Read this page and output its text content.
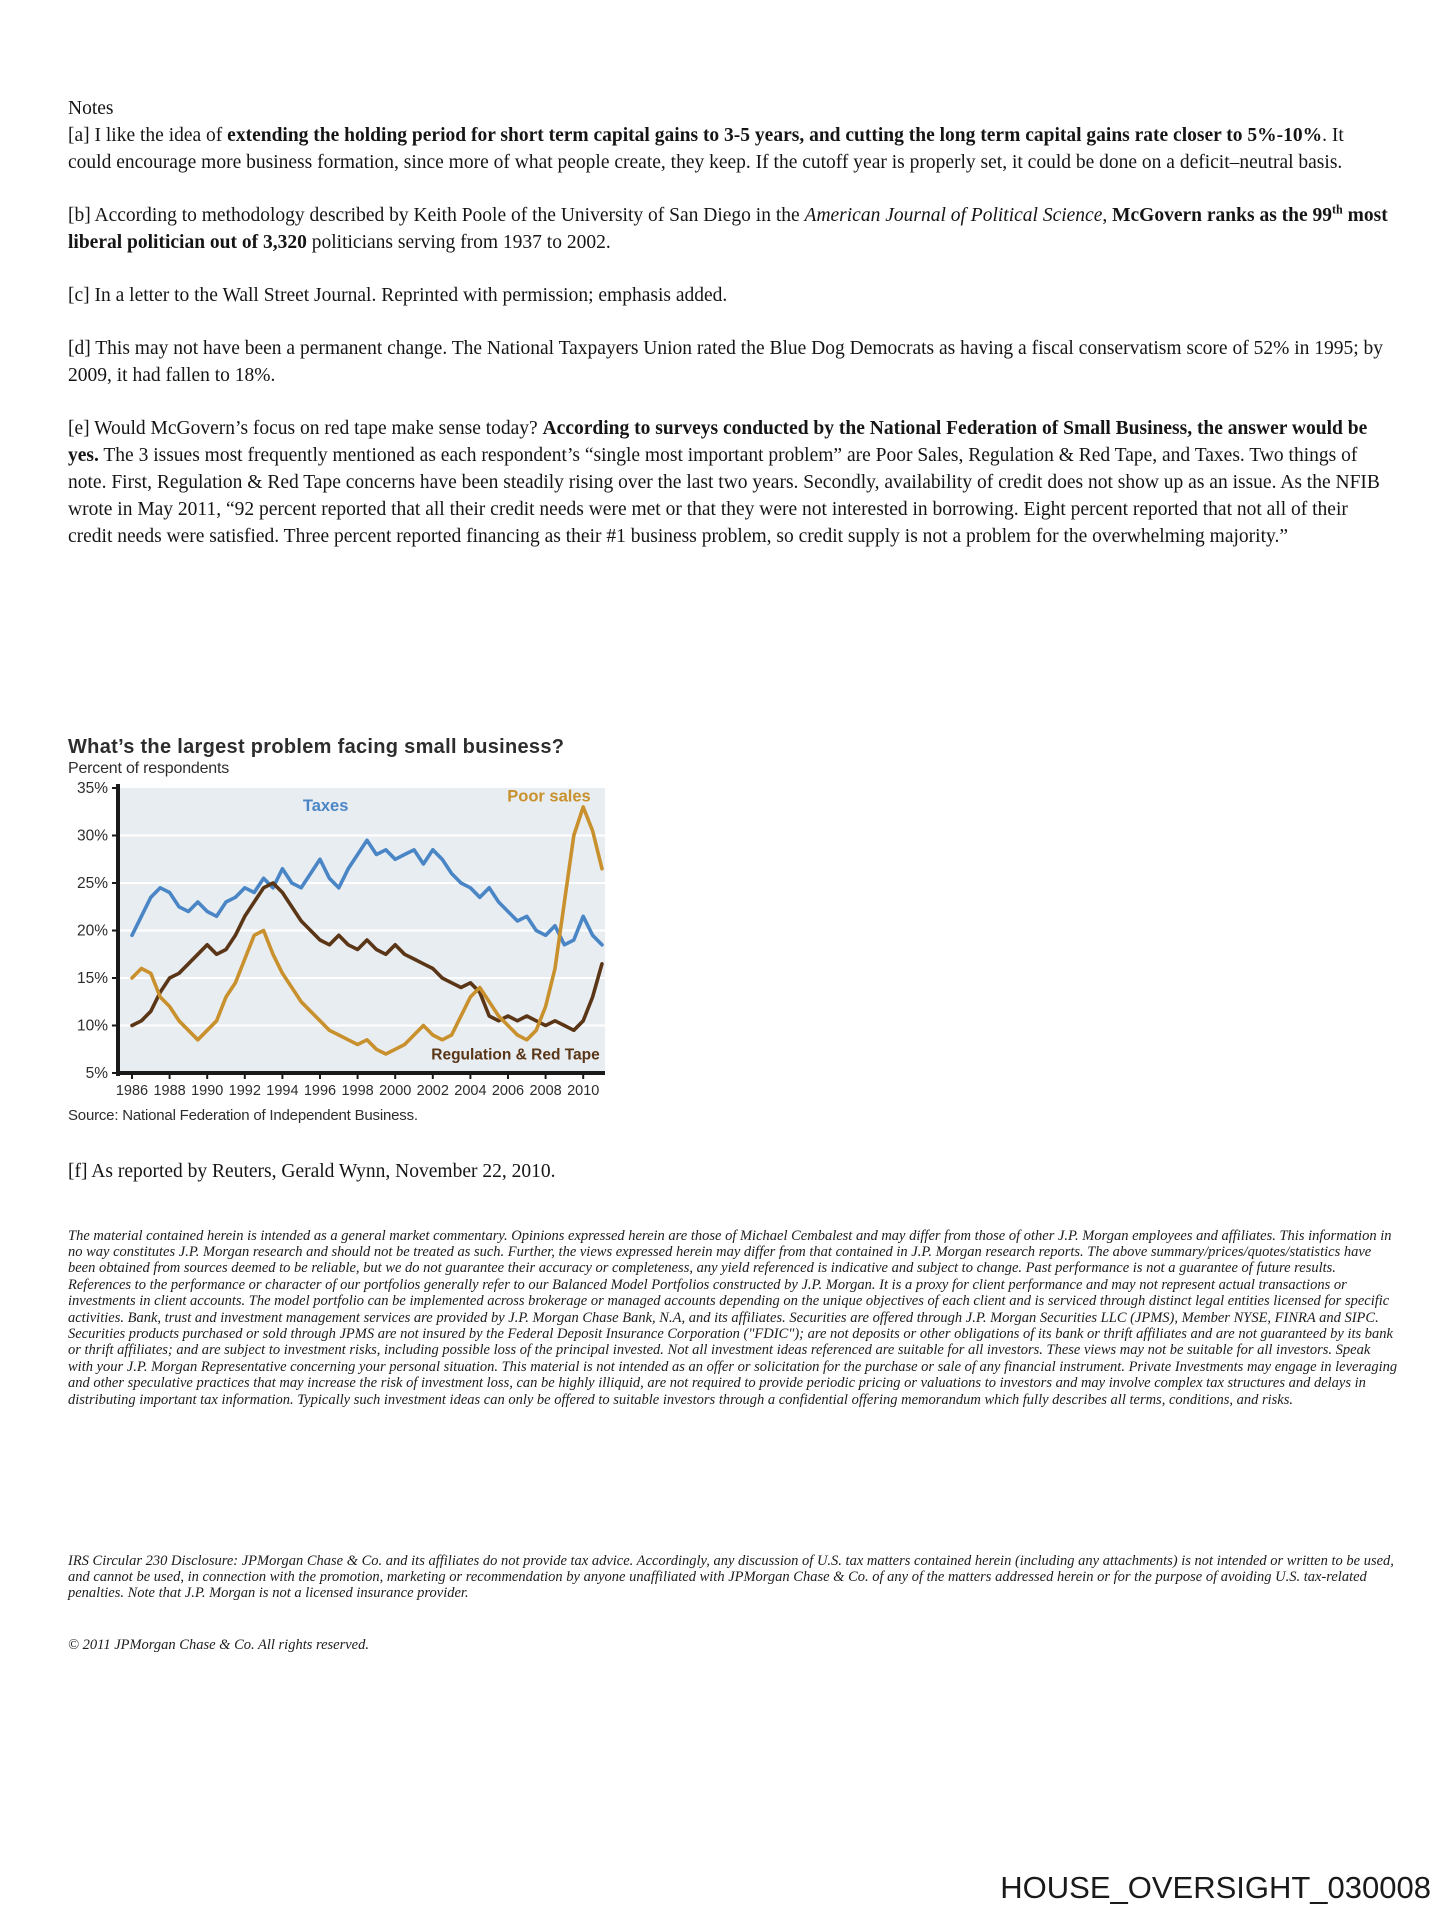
Notes

[a] I like the idea of extending the holding period for short term capital gains to 3-5 years, and cutting the long term capital gains rate closer to 5%-10%. It could encourage more business formation, since more of what people create, they keep. If the cutoff year is properly set, it could be done on a deficit–neutral basis.

[b] According to methodology described by Keith Poole of the University of San Diego in the American Journal of Political Science, McGovern ranks as the 99th most liberal politician out of 3,320 politicians serving from 1937 to 2002.

[c] In a letter to the Wall Street Journal. Reprinted with permission; emphasis added.

[d] This may not have been a permanent change. The National Taxpayers Union rated the Blue Dog Democrats as having a fiscal conservatism score of 52% in 1995; by 2009, it had fallen to 18%.

[e] Would McGovern’s focus on red tape make sense today? According to surveys conducted by the National Federation of Small Business, the answer would be yes. The 3 issues most frequently mentioned as each respondent’s “single most important problem” are Poor Sales, Regulation & Red Tape, and Taxes. Two things of note. First, Regulation & Red Tape concerns have been steadily rising over the last two years. Secondly, availability of credit does not show up as an issue. As the NFIB wrote in May 2011, “92 percent reported that all their credit needs were met or that they were not interested in borrowing. Eight percent reported that not all of their credit needs were satisfied. Three percent reported financing as their #1 business problem, so credit supply is not a problem for the overwhelming majority.”

What’s the largest problem facing small business?
Percent of respondents
35%
30%
25%
20%
15%
10%
5%
1986 1988 1990 1992 1994 1996 1998 2000 2002 2004 2006 2008 2010
Taxes
Regulation & Red Tape
Poor sales
Source: National Federation of Independent Business.

[f] As reported by Reuters, Gerald Wynn, November 22, 2010.

The material contained herein is intended as a general market commentary. Opinions expressed herein are those of Michael Cembalest and may differ from those of other J.P. Morgan employees and affiliates. This information in no way constitutes J.P. Morgan research and should not be treated as such. Further, the views expressed herein may differ from that contained in J.P. Morgan research reports. The above summary/prices/quotes/statistics have been obtained from sources deemed to be reliable, but we do not guarantee their accuracy or completeness, any yield referenced is indicative and subject to change. Past performance is not a guarantee of future results. References to the performance or character of our portfolios generally refer to our Balanced Model Portfolios constructed by J.P. Morgan. It is a proxy for client performance and may not represent actual transactions or investments in client accounts. The model portfolio can be implemented across brokerage or managed accounts depending on the unique objectives of each client and is serviced through distinct legal entities licensed for specific activities. Bank, trust and investment management services are provided by J.P. Morgan Chase Bank, N.A, and its affiliates. Securities are offered through J.P. Morgan Securities LLC (JPMS), Member NYSE, FINRA and SIPC. Securities products purchased or sold through JPMS are not insured by the Federal Deposit Insurance Corporation ("FDIC"); are not deposits or other obligations of its bank or thrift affiliates and are not guaranteed by its bank or thrift affiliates; and are subject to investment risks, including possible loss of the principal invested. Not all investment ideas referenced are suitable for all investors. These views may not be suitable for all investors. Speak with your J.P. Morgan Representative concerning your personal situation. This material is not intended as an offer or solicitation for the purchase or sale of any financial instrument. Private Investments may engage in leveraging and other speculative practices that may increase the risk of investment loss, can be highly illiquid, are not required to provide periodic pricing or valuations to investors and may involve complex tax structures and delays in distributing important tax information. Typically such investment ideas can only be offered to suitable investors through a confidential offering memorandum which fully describes all terms, conditions, and risks.

IRS Circular 230 Disclosure: JPMorgan Chase & Co. and its affiliates do not provide tax advice. Accordingly, any discussion of U.S. tax matters contained herein (including any attachments) is not intended or written to be used, and cannot be used, in connection with the promotion, marketing or recommendation by anyone unaffiliated with JPMorgan Chase & Co. of any of the matters addressed herein or for the purpose of avoiding U.S. tax-related penalties. Note that J.P. Morgan is not a licensed insurance provider.

© 2011 JPMorgan Chase & Co. All rights reserved.

HOUSE_OVERSIGHT_030008
